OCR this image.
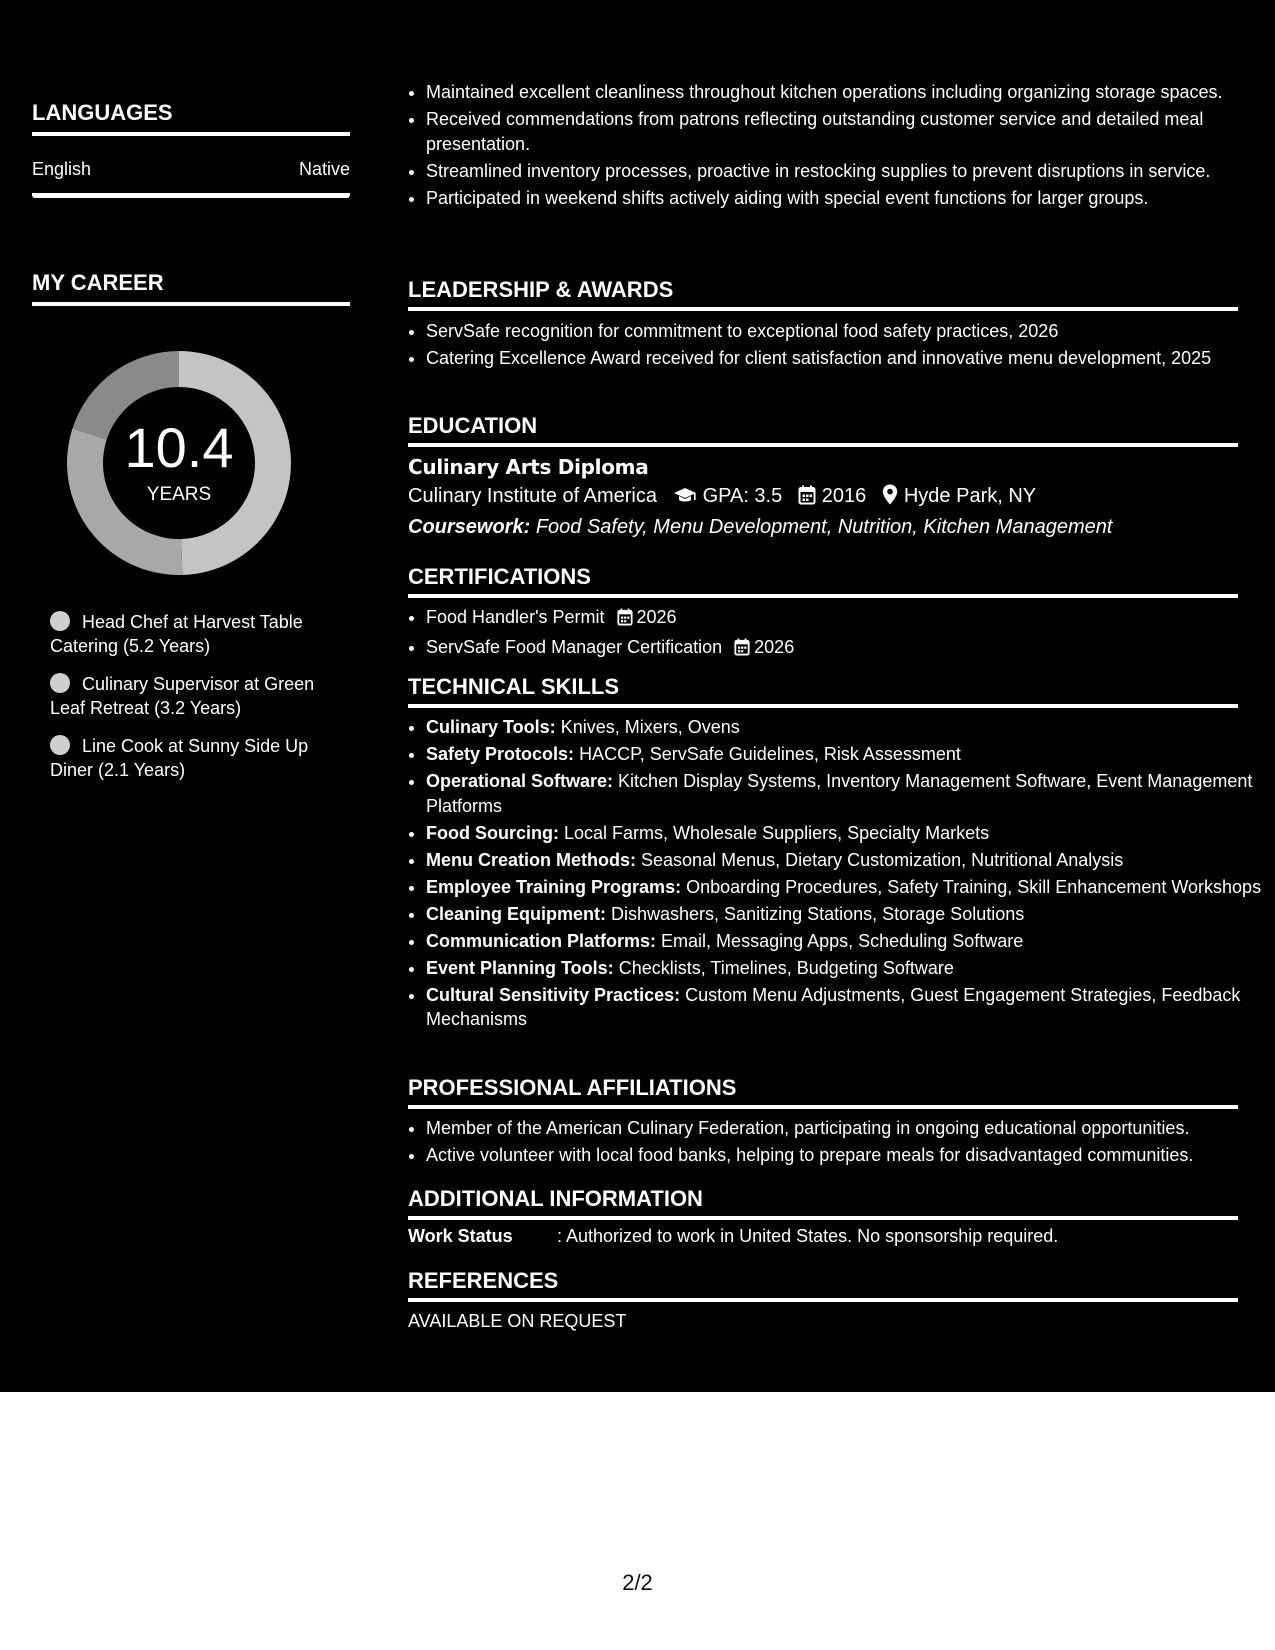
LANGUAGES
English	Native
MY CAREER
10.4
YEARS
Head Chef at Harvest Table Catering (5.2 Years)
Culinary Supervisor at Green Leaf Retreat (3.2 Years)
Line Cook at Sunny Side Up Diner (2.1 Years)
• Maintained excellent cleanliness throughout kitchen operations including organizing storage spaces.
• Received commendations from patrons reflecting outstanding customer service and detailed meal presentation.
• Streamlined inventory processes, proactive in restocking supplies to prevent disruptions in service.
• Participated in weekend shifts actively aiding with special event functions for larger groups.
LEADERSHIP & AWARDS
• ServSafe recognition for commitment to exceptional food safety practices, 2026
• Catering Excellence Award received for client satisfaction and innovative menu development, 2025
EDUCATION
Culinary Arts Diploma
Culinary Institute of America GPA: 3.5 2016 Hyde Park, NY
Coursework: Food Safety, Menu Development, Nutrition, Kitchen Management
CERTIFICATIONS
• Food Handler's Permit 2026
• ServSafe Food Manager Certification 2026
TECHNICAL SKILLS
• Culinary Tools: Knives, Mixers, Ovens
• Safety Protocols: HACCP, ServSafe Guidelines, Risk Assessment
• Operational Software: Kitchen Display Systems, Inventory Management Software, Event Management Platforms
• Food Sourcing: Local Farms, Wholesale Suppliers, Specialty Markets
• Menu Creation Methods: Seasonal Menus, Dietary Customization, Nutritional Analysis
• Employee Training Programs: Onboarding Procedures, Safety Training, Skill Enhancement Workshops
• Cleaning Equipment: Dishwashers, Sanitizing Stations, Storage Solutions
• Communication Platforms: Email, Messaging Apps, Scheduling Software
• Event Planning Tools: Checklists, Timelines, Budgeting Software
• Cultural Sensitivity Practices: Custom Menu Adjustments, Guest Engagement Strategies, Feedback Mechanisms
PROFESSIONAL AFFILIATIONS
• Member of the American Culinary Federation, participating in ongoing educational opportunities.
• Active volunteer with local food banks, helping to prepare meals for disadvantaged communities.
ADDITIONAL INFORMATION
Work Status : Authorized to work in United States. No sponsorship required.
REFERENCES
AVAILABLE ON REQUEST
2/2
